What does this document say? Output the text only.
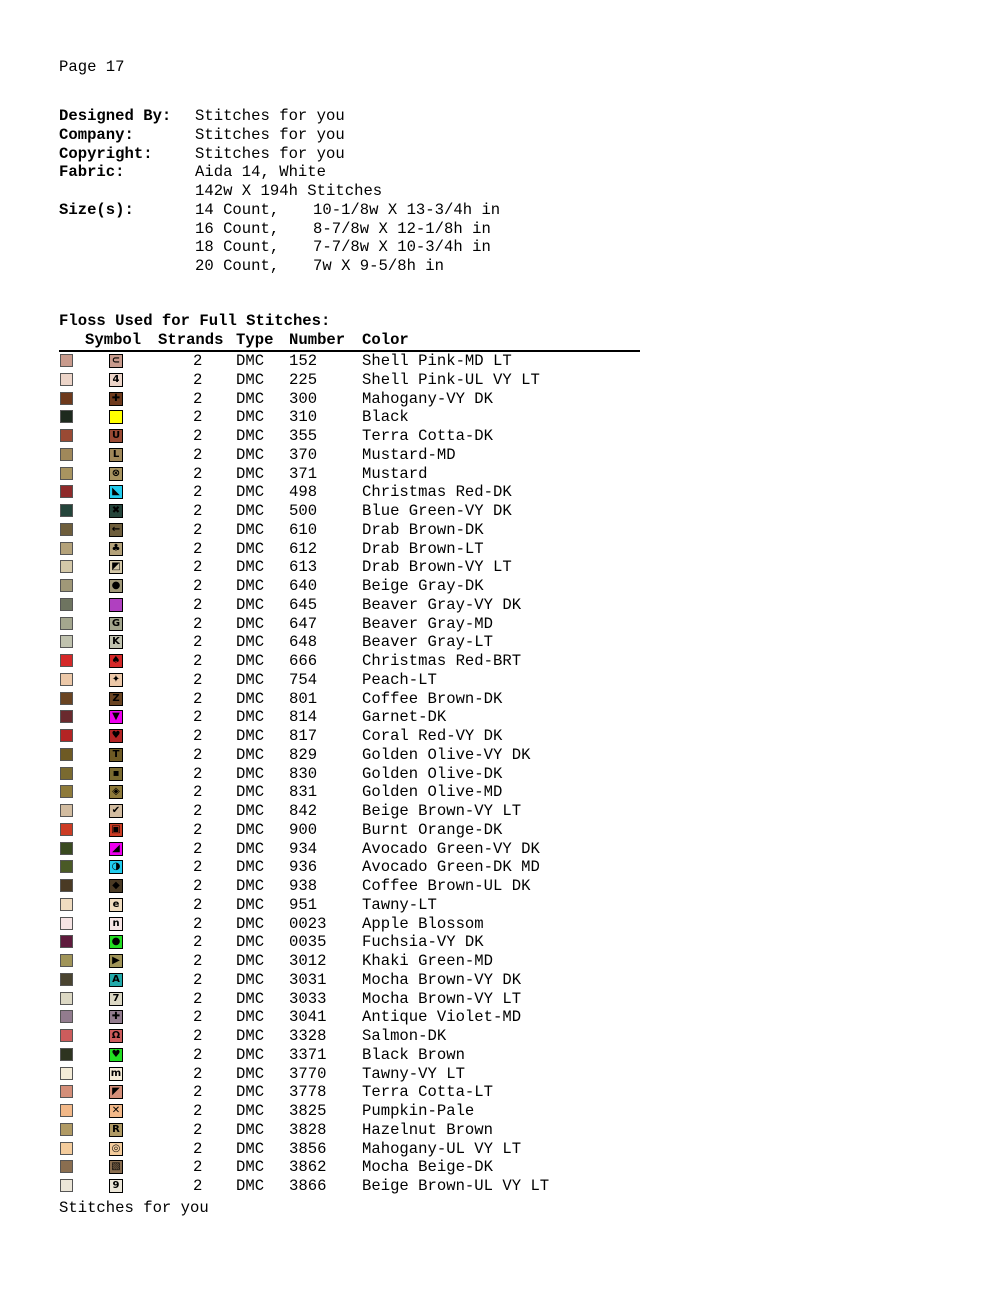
Page 17
Designed By: Stitches for you
Company:	Stitches for you
Copyright:	Stitches for you
Fabric:	Aida 14, White
142w X 194h Stitches
Size(s):	14 Count, 10-1/8w X 13-3/4h in
16 Count, 8-7/8w X 12-1/8h in
18 Count, 7-7/8w X 10-3/4h in
20 Count, 7w X 9-5/8h in
Floss Used for Full Stitches:
Symbol Strands Type Number Color
⊂	2 DMC 152	Shell Pink-MD LT
4	2 DMC 225	Shell Pink-UL VY LT
✚	2 DMC 300	Mahogany-VY DK
2 DMC 310	Black
U	2 DMC 355	Terra Cotta-DK
L	2 DMC 370	Mustard-MD
⊗	2 DMC 371	Mustard
◣	2 DMC 498	Christmas Red-DK
✖	2 DMC 500	Blue Green-VY DK
←	2 DMC 610	Drab Brown-DK
♣	2 DMC 612	Drab Brown-LT
◩	2 DMC 613	Drab Brown-VY LT
●	2 DMC 640	Beige Gray-DK
2 DMC 645	Beaver Gray-VY DK
G	2 DMC 647	Beaver Gray-MD
K	2 DMC 648	Beaver Gray-LT
♠	2 DMC 666	Christmas Red-BRT
✦	2 DMC 754	Peach-LT
Z	2 DMC 801	Coffee Brown-DK
▼	2 DMC 814	Garnet-DK
♥	2 DMC 817	Coral Red-VY DK
T	2 DMC 829	Golden Olive-VY DK
▪	2 DMC 830	Golden Olive-DK
◈	2 DMC 831	Golden Olive-MD
✔	2 DMC 842	Beige Brown-VY LT
▣	2 DMC 900	Burnt Orange-DK
◢	2 DMC 934	Avocado Green-VY DK
◑	2 DMC 936	Avocado Green-DK MD
◆	2 DMC 938	Coffee Brown-UL DK
e	2 DMC 951	Tawny-LT
n	2 DMC 0023 Apple Blossom
●	2 DMC 0035 Fuchsia-VY DK
▶	2 DMC 3012 Khaki Green-MD
A	2 DMC 3031 Mocha Brown-VY DK
7	2 DMC 3033 Mocha Brown-VY LT
✚	2 DMC 3041 Antique Violet-MD
Ω	2 DMC 3328 Salmon-DK
♥	2 DMC 3371 Black Brown
m	2 DMC 3770 Tawny-VY LT
◤	2 DMC 3778 Terra Cotta-LT
✕	2 DMC 3825 Pumpkin-Pale
R	2 DMC 3828 Hazelnut Brown
◎	2 DMC 3856 Mahogany-UL VY LT
▧	2 DMC 3862 Mocha Beige-DK
9	2 DMC 3866 Beige Brown-UL VY LT
Stitches for you
